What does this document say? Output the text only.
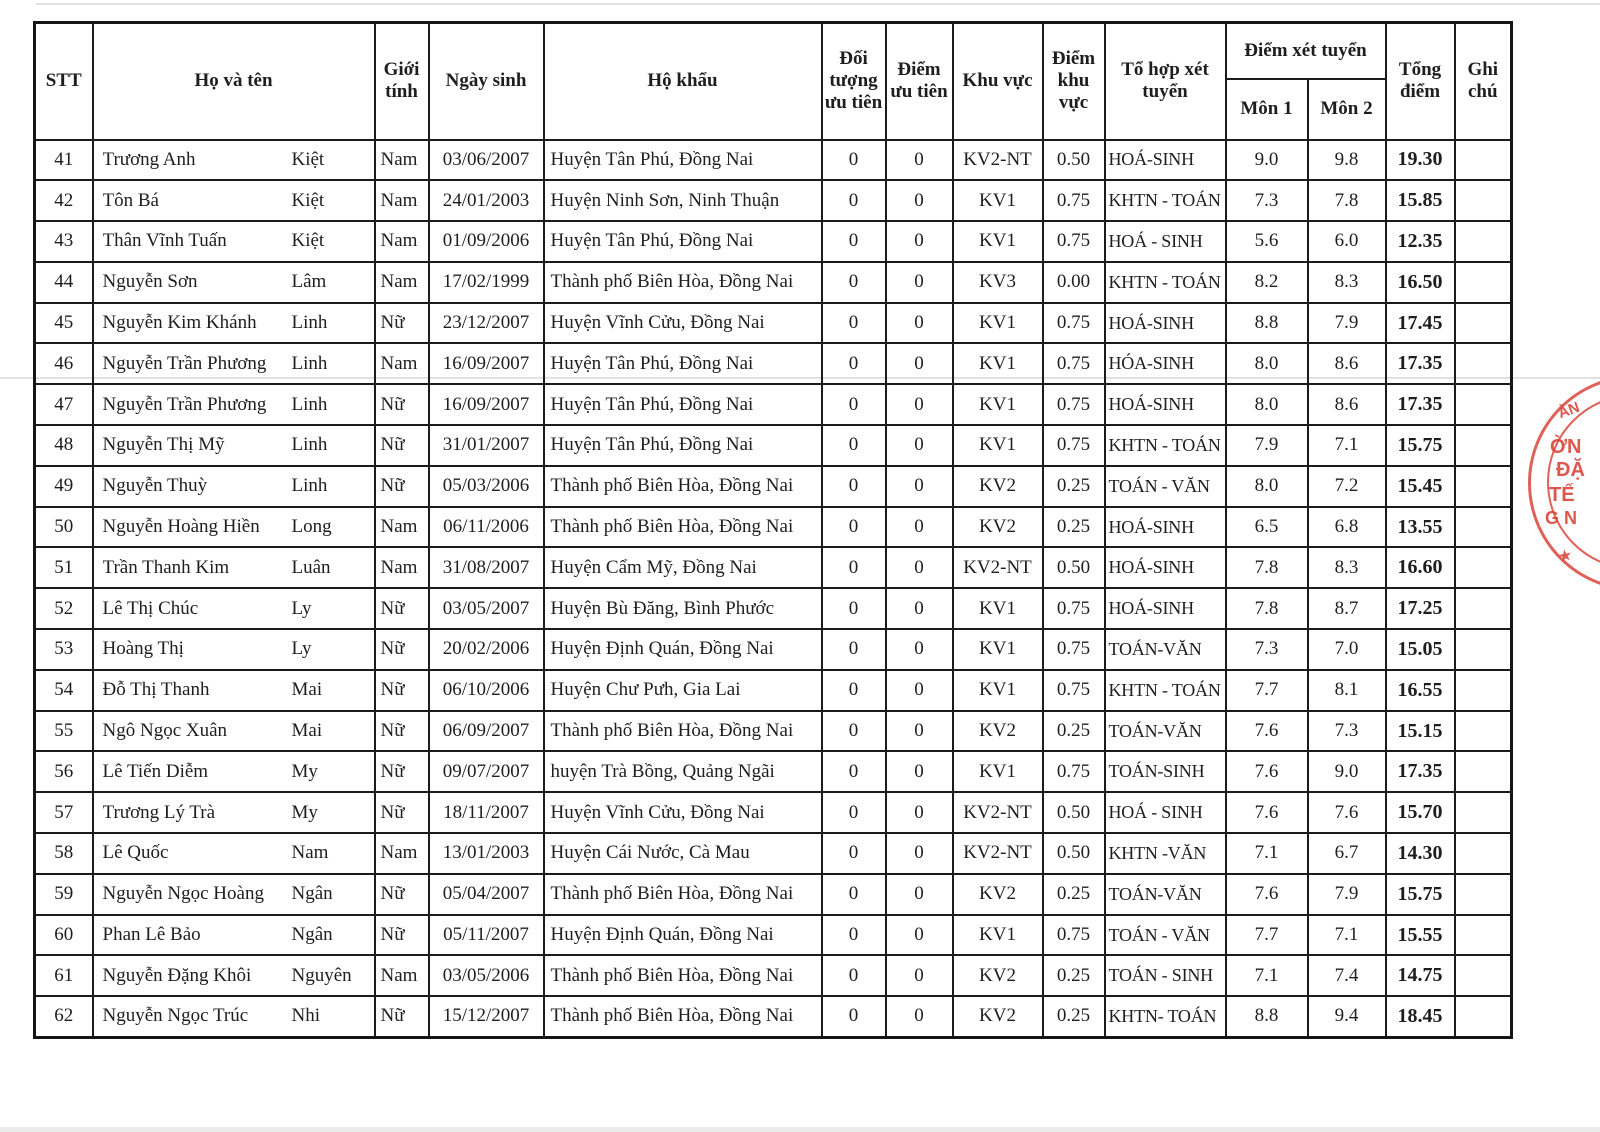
STT	Họ và tên	Giới tính	Ngày sinh	Hộ khẩu	Đối tượng ưu tiên	Điểm ưu tiên	Khu vực	Điểm khu vực	Tổ hợp xét tuyển	Điểm xét tuyển		Tổng điểm	Ghi chú
										Môn 1	Môn 2		
41	Trương Anh Kiệt	Nam	03/06/2007	Huyện Tân Phú, Đồng Nai	0	0	KV2-NT	0.50	HOÁ-SINH	9.0	9.8	19.30	
42	Tôn Bá Kiệt	Nam	24/01/2003	Huyện Ninh Sơn, Ninh Thuận	0	0	KV1	0.75	KHTN - TOÁN	7.3	7.8	15.85	
43	Thân Vĩnh Tuấn Kiệt	Nam	01/09/2006	Huyện Tân Phú, Đồng Nai	0	0	KV1	0.75	HOÁ - SINH	5.6	6.0	12.35	
44	Nguyễn Sơn Lâm	Nam	17/02/1999	Thành phố Biên Hòa, Đồng Nai	0	0	KV3	0.00	KHTN - TOÁN	8.2	8.3	16.50	
45	Nguyễn Kim Khánh Linh	Nữ	23/12/2007	Huyện Vĩnh Cửu, Đồng Nai	0	0	KV1	0.75	HOÁ-SINH	8.8	7.9	17.45	
46	Nguyễn Trần Phương Linh	Nam	16/09/2007	Huyện Tân Phú, Đồng Nai	0	0	KV1	0.75	HÓA-SINH	8.0	8.6	17.35	
47	Nguyễn Trần Phương Linh	Nữ	16/09/2007	Huyện Tân Phú, Đồng Nai	0	0	KV1	0.75	HOÁ-SINH	8.0	8.6	17.35	
48	Nguyễn Thị Mỹ Linh	Nữ	31/01/2007	Huyện Tân Phú, Đồng Nai	0	0	KV1	0.75	KHTN - TOÁN	7.9	7.1	15.75	
49	Nguyễn Thuỳ Linh	Nữ	05/03/2006	Thành phố Biên Hòa, Đồng Nai	0	0	KV2	0.25	TOÁN - VĂN	8.0	7.2	15.45	
50	Nguyễn Hoàng Hiền Long	Nam	06/11/2006	Thành phố Biên Hòa, Đồng Nai	0	0	KV2	0.25	HOÁ-SINH	6.5	6.8	13.55	
51	Trần Thanh Kim Luân	Nam	31/08/2007	Huyện Cẩm Mỹ, Đồng Nai	0	0	KV2-NT	0.50	HOÁ-SINH	7.8	8.3	16.60	
52	Lê Thị Chúc Ly	Nữ	03/05/2007	Huyện Bù Đăng, Bình Phước	0	0	KV1	0.75	HOÁ-SINH	7.8	8.7	17.25	
53	Hoàng Thị Ly	Nữ	20/02/2006	Huyện Định Quán, Đồng Nai	0	0	KV1	0.75	TOÁN-VĂN	7.3	7.0	15.05	
54	Đỗ Thị Thanh Mai	Nữ	06/10/2006	Huyện Chư Pưh, Gia Lai	0	0	KV1	0.75	KHTN - TOÁN	7.7	8.1	16.55	
55	Ngô Ngọc Xuân Mai	Nữ	06/09/2007	Thành phố Biên Hòa, Đồng Nai	0	0	KV2	0.25	TOÁN-VĂN	7.6	7.3	15.15	
56	Lê Tiến Diễm My	Nữ	09/07/2007	huyện Trà Bồng, Quảng Ngãi	0	0	KV1	0.75	TOÁN-SINH	7.6	9.0	17.35	
57	Trương Lý Trà My	Nữ	18/11/2007	Huyện Vĩnh Cửu, Đồng Nai	0	0	KV2-NT	0.50	HOÁ - SINH	7.6	7.6	15.70	
58	Lê Quốc Nam	Nam	13/01/2003	Huyện Cái Nước, Cà Mau	0	0	KV2-NT	0.50	KHTN -VĂN	7.1	6.7	14.30	
59	Nguyễn Ngọc Hoàng Ngân	Nữ	05/04/2007	Thành phố Biên Hòa, Đồng Nai	0	0	KV2	0.25	TOÁN-VĂN	7.6	7.9	15.75	
60	Phan Lê Bảo Ngân	Nữ	05/11/2007	Huyện Định Quán, Đồng Nai	0	0	KV1	0.75	TOÁN - VĂN	7.7	7.1	15.55	
61	Nguyễn Đặng Khôi Nguyên	Nam	03/05/2006	Thành phố Biên Hòa, Đồng Nai	0	0	KV2	0.25	TOÁN - SINH	7.1	7.4	14.75	
62	Nguyễn Ngọc Trúc Nhi	Nữ	15/12/2007	Thành phố Biên Hòa, Đồng Nai	0	0	KV2	0.25	KHTN- TOÁN	8.8	9.4	18.45	
ÀN
ỜN
ĐẶ
TẾ
G N
★
